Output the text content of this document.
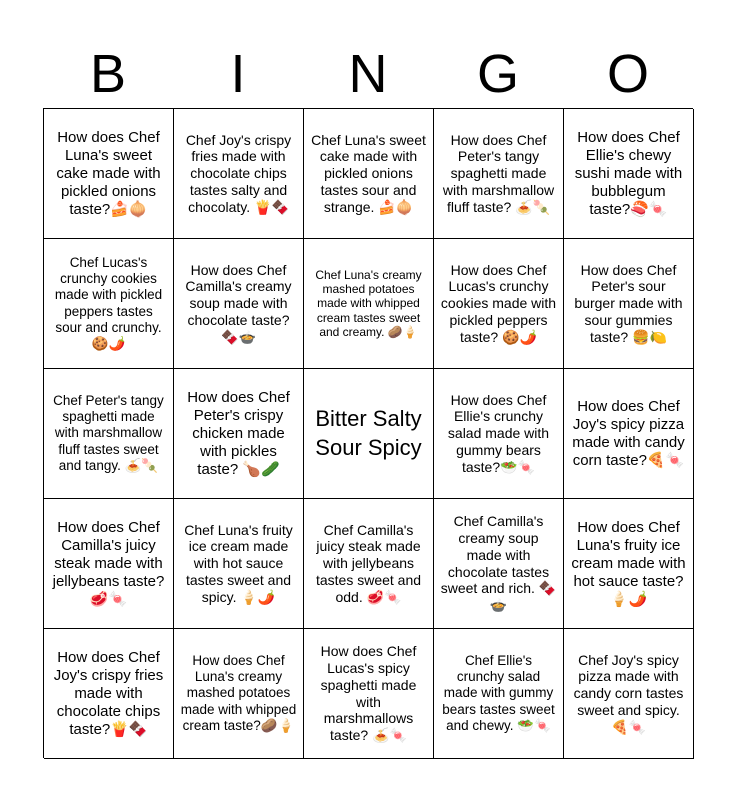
B	I	N	G	O
How does Chef Luna's sweet cake made with pickled onions taste?🍰🧅
Chef Joy's crispy fries made with chocolate chips tastes salty and chocolaty. 🍟🍫
Chef Luna's sweet cake made with pickled onions tastes sour and strange. 🍰🧅
How does Chef Peter's tangy spaghetti made with marshmallow fluff taste? 🍝🍡
How does Chef Ellie's chewy sushi made with bubblegum taste?🍣🍬
Chef Lucas's crunchy cookies made with pickled peppers tastes sour and crunchy. 🍪🌶️
How does Chef Camilla's creamy soup made with chocolate taste?🍫🍲
Chef Luna's creamy mashed potatoes made with whipped cream tastes sweet and creamy. 🥔🍦
How does Chef Lucas's crunchy cookies made with pickled peppers taste? 🍪🌶️
How does Chef Peter's sour burger made with sour gummies taste? 🍔🍋
Chef Peter's tangy spaghetti made with marshmallow fluff tastes sweet and tangy. 🍝🍡
How does Chef Peter's crispy chicken made with pickles taste? 🍗🥒
Bitter Salty Sour Spicy
How does Chef Ellie's crunchy salad made with gummy bears taste?🥗🍬
How does Chef Joy's spicy pizza made with candy corn taste?🍕🍬
How does Chef Camilla's juicy steak made with jellybeans taste?🥩🍬
Chef Luna's fruity ice cream made with hot sauce tastes sweet and spicy. 🍦🌶️
Chef Camilla's juicy steak made with jellybeans tastes sweet and odd. 🥩🍬
Chef Camilla's creamy soup made with chocolate tastes sweet and rich. 🍫🍲
How does Chef Luna's fruity ice cream made with hot sauce taste? 🍦🌶️
How does Chef Joy's crispy fries made with chocolate chips taste?🍟🍫
How does Chef Luna's creamy mashed potatoes made with whipped cream taste?🥔🍦
How does Chef Lucas's spicy spaghetti made with marshmallows taste? 🍝🍬
Chef Ellie's crunchy salad made with gummy bears tastes sweet and chewy. 🥗🍬
Chef Joy's spicy pizza made with candy corn tastes sweet and spicy. 🍕🍬
